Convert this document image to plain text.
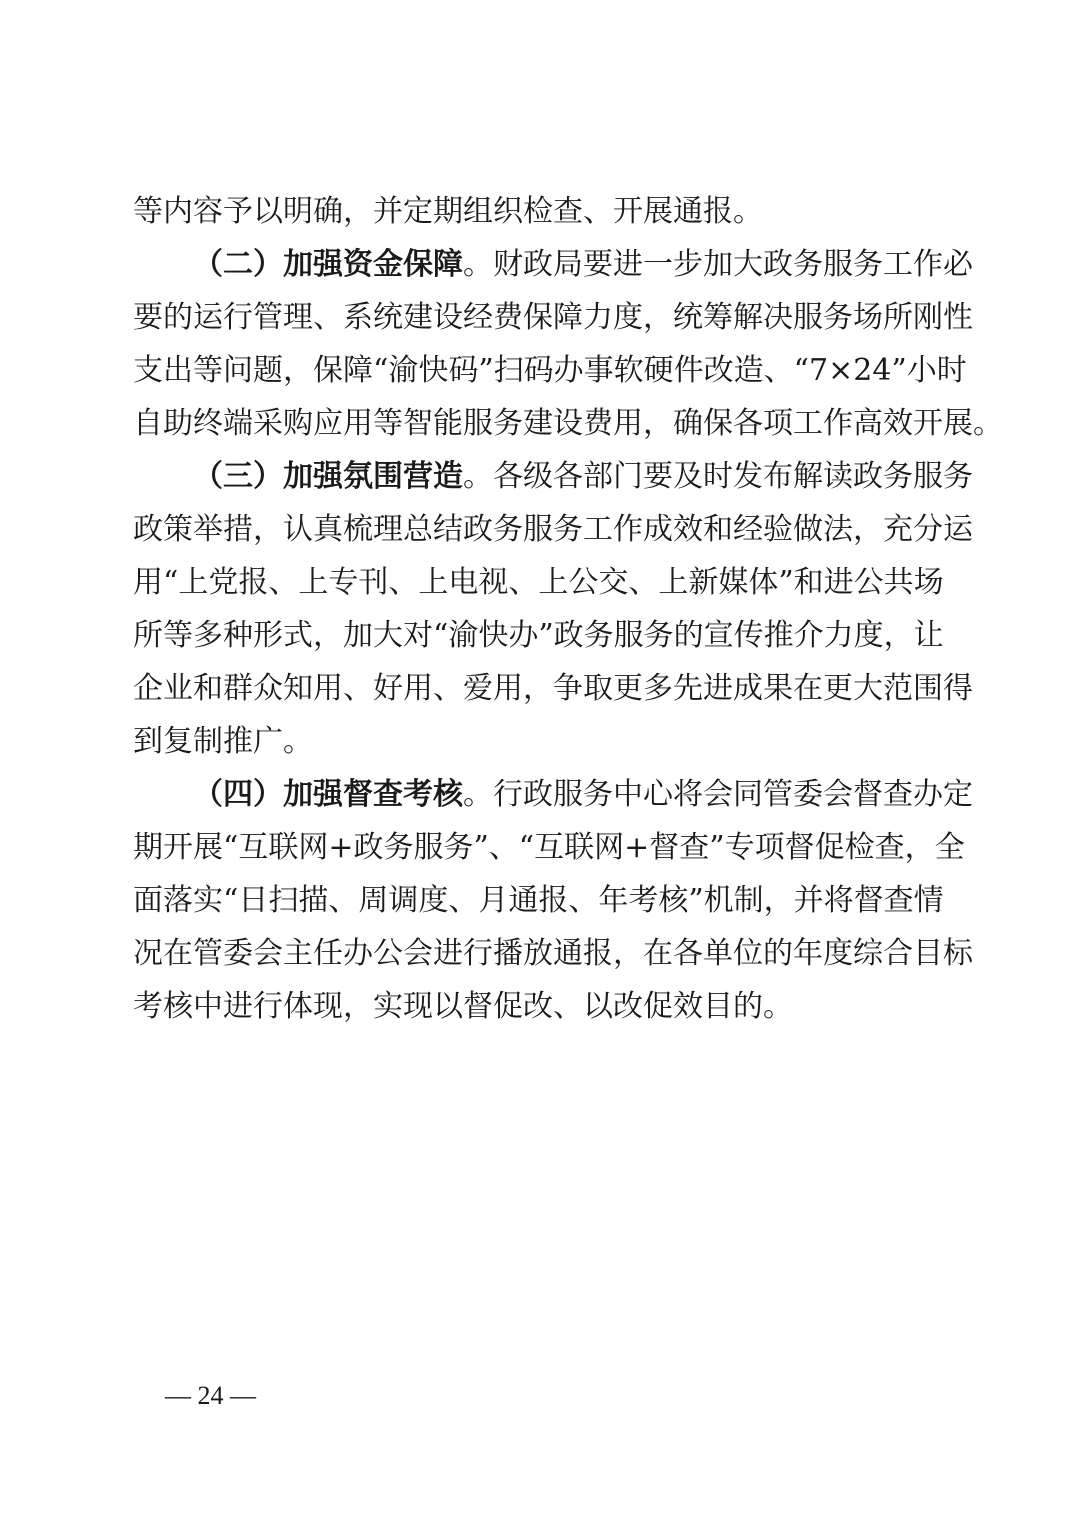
等内容予以明确，并定期组织检查、开展通报。
（二）加强资金保障。财政局要进一步加大政务服务工作必
要的运行管理、系统建设经费保障力度，统筹解决服务场所刚性
支出等问题，保障“渝快码”扫码办事软硬件改造、“7×24”小时
自助终端采购应用等智能服务建设费用，确保各项工作高效开展。
（三）加强氛围营造。各级各部门要及时发布解读政务服务
政策举措，认真梳理总结政务服务工作成效和经验做法，充分运
用“上党报、上专刊、上电视、上公交、上新媒体”和进公共场
所等多种形式，加大对“渝快办”政务服务的宣传推介力度，让
企业和群众知用、好用、爱用，争取更多先进成果在更大范围得
到复制推广。
（四）加强督查考核。行政服务中心将会同管委会督查办定
期开展“互联网+政务服务”、“互联网+督查”专项督促检查，全
面落实“日扫描、周调度、月通报、年考核”机制，并将督查情
况在管委会主任办公会进行播放通报，在各单位的年度综合目标
考核中进行体现，实现以督促改、以改促效目的。
— 24 —
